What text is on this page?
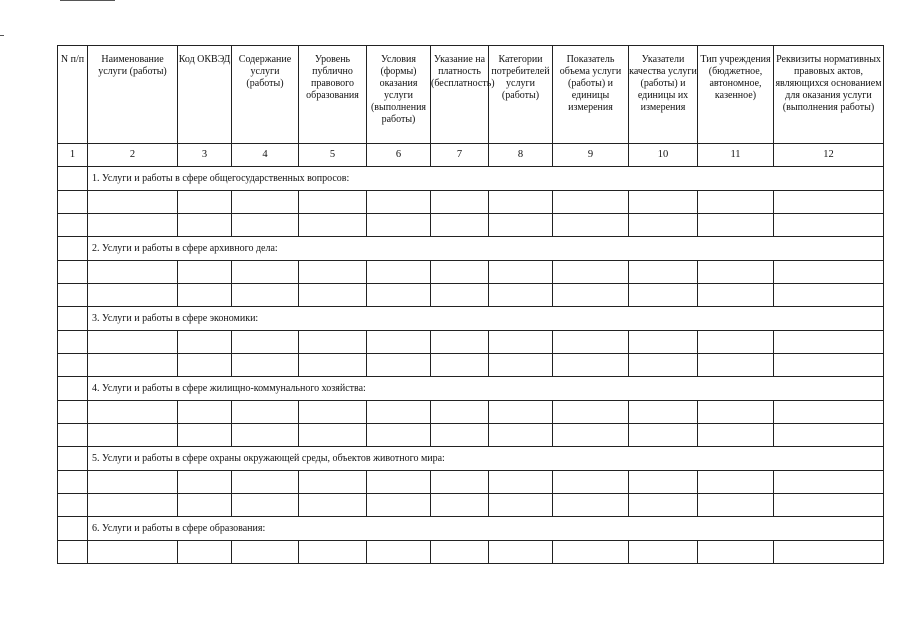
N п/п	Наименование услуги (работы)	Код ОКВЭД	Содержание услуги (работы)	Уровень публично правового образования	Условия (формы) оказания услуги (выполнения работы)	Указание на платность (бесплатность)	Категории потребителей услуги (работы)	Показатель объема услуги (работы) и единицы измерения	Указатели качества услуги (работы) и единицы их измерения	Тип учреждения (бюджетное, автономное, казенное)	Реквизиты нормативных правовых актов, являющихся основанием для оказания услуги (выполнения работы)
1	2	3	4	5	6	7	8	9	10	11	12
	1. Услуги и работы в сфере общегосударственных вопросов:										

	2. Услуги и работы в сфере архивного дела:										

	3. Услуги и работы в сфере экономики:										

	4. Услуги и работы в сфере жилищно-коммунального хозяйства:										

	5. Услуги и работы в сфере охраны окружающей среды, объектов животного мира:										

	6. Услуги и работы в сфере образования:										
